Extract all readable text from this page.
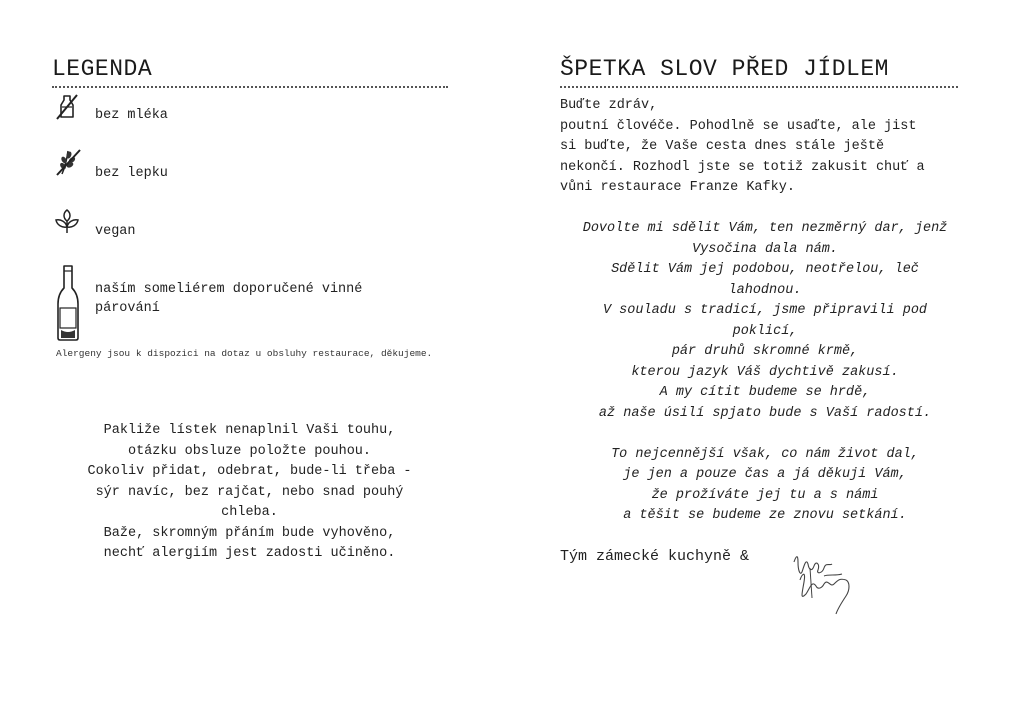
LEGENDA
bez mléka
bez lepku
vegan
naším someliérem doporučené vinné
párování
Alergeny jsou k dispozici na dotaz u obsluhy restaurace, děkujeme.
Pakliže lístek nenaplnil Vaši touhu,
otázku obsluze položte pouhou.
Cokoliv přidat, odebrat, bude-li třeba -
sýr navíc, bez rajčat, nebo snad pouhý
chleba.
Baže, skromným přáním bude vyhověno,
nechť alergiím jest zadosti učiněno.
ŠPETKA SLOV PŘED JÍDLEM
Buďte zdráv,
poutní človéče. Pohodlně se usaďte, ale jist
si buďte, že Vaše cesta dnes stále ještě
nekončí. Rozhodl jste se totiž zakusit chuť a
vůni restaurace Franze Kafky.
Dovolte mi sdělit Vám, ten nezměrný dar, jenž
Vysočina dala nám.
Sdělit Vám jej podobou, neotřelou, leč
lahodnou.
V souladu s tradicí, jsme připravili pod
poklicí,
pár druhů skromné krmě,
kterou jazyk Váš dychtivě zakusí.
A my cítit budeme se hrdě,
až naše úsilí spjato bude s Vaší radostí.
To nejcennější však, co nám život dal,
je jen a pouze čas a já děkuji Vám,
že prožíváte jej tu a s námi
a těšit se budeme ze znovu setkání.
Tým zámecké kuchyně &
